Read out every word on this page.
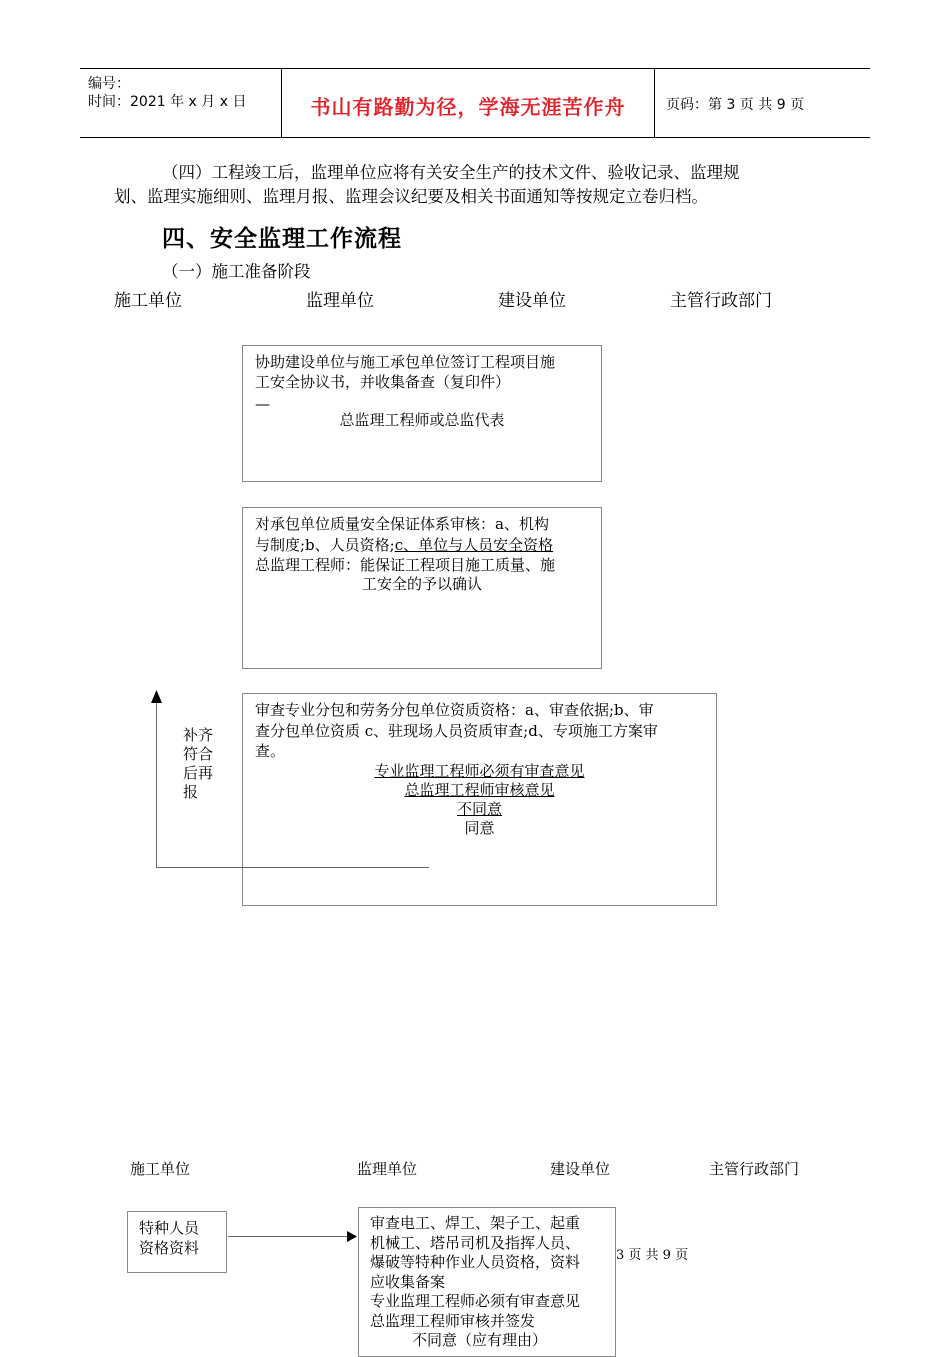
编号：
时间：2021 年 x 月 x 日	书山有路勤为径，学海无涯苦作舟	页码：第 3 页 共 9 页
（四）工程竣工后，监理单位应将有关安全生产的技术文件、验收记录、监理规
划、监理实施细则、监理月报、监理会议纪要及相关书面通知等按规定立卷归档。
四、安全监理工作流程
（一）施工准备阶段
施工单位	监理单位	建设单位	主管行政部门
协助建设单位与施工承包单位签订工程项目施
工安全协议书，并收集备查（复印件）
—
总监理工程师或总监代表
对承包单位质量安全保证体系审核：a、机构
与制度;b、人员资格;c、单位与人员安全资格
总监理工程师：能保证工程项目施工质量、施
工安全的予以确认
审查专业分包和劳务分包单位资质资格：a、审查依据;b、审
查分包单位资质 c、驻现场人员资质审查;d、专项施工方案审
查。
专业监理工程师必须有审查意见
总监理工程师审核意见
不同意
同意
补齐
符合
后再
报
施工单位	监理单位	建设单位	主管行政部门
特种人员
资格资料
审查电工、焊工、架子工、起重
机械工、塔吊司机及指挥人员、
爆破等特种作业人员资格，资料
应收集备案
专业监理工程师必须有审查意见
总监理工程师审核并签发
不同意（应有理由）
3 页 共 9 页
